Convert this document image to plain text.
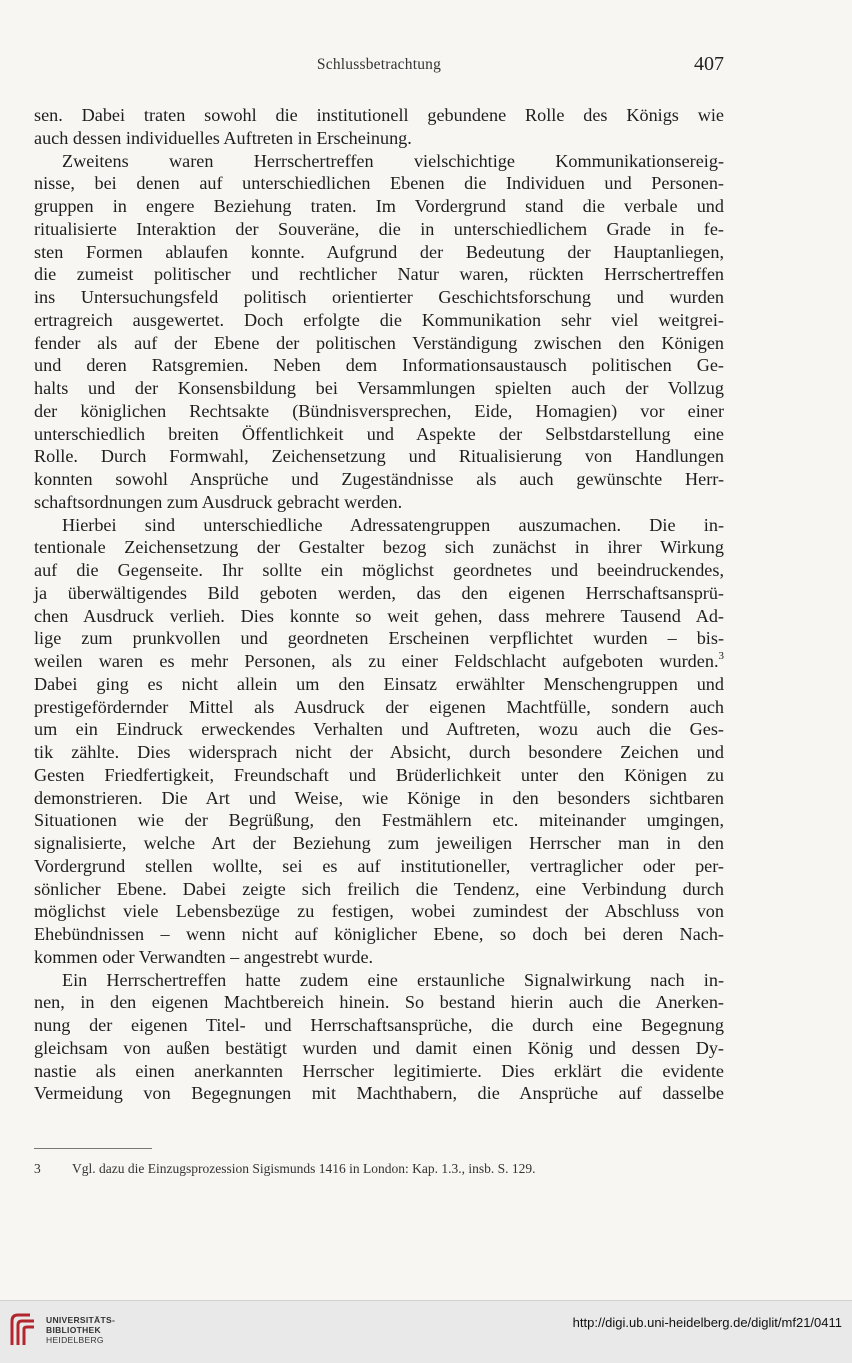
Schlussbetrachtung	407
sen. Dabei traten sowohl die institutionell gebundene Rolle des Königs wie
auch dessen individuelles Auftreten in Erscheinung.
Zweitens waren Herrschertreffen vielschichtige Kommunikationsereig-
nisse, bei denen auf unterschiedlichen Ebenen die Individuen und Personen-
gruppen in engere Beziehung traten. Im Vordergrund stand die verbale und
ritualisierte Interaktion der Souveräne, die in unterschiedlichem Grade in fe-
sten Formen ablaufen konnte. Aufgrund der Bedeutung der Hauptanliegen,
die zumeist politischer und rechtlicher Natur waren, rückten Herrschertreffen
ins Untersuchungsfeld politisch orientierter Geschichtsforschung und wurden
ertragreich ausgewertet. Doch erfolgte die Kommunikation sehr viel weitgrei-
fender als auf der Ebene der politischen Verständigung zwischen den Königen
und deren Ratsgremien. Neben dem Informationsaustausch politischen Ge-
halts und der Konsensbildung bei Versammlungen spielten auch der Vollzug
der königlichen Rechtsakte (Bündnisversprechen, Eide, Homagien) vor einer
unterschiedlich breiten Öffentlichkeit und Aspekte der Selbstdarstellung eine
Rolle. Durch Formwahl, Zeichensetzung und Ritualisierung von Handlungen
konnten sowohl Ansprüche und Zugeständnisse als auch gewünschte Herr-
schaftsordnungen zum Ausdruck gebracht werden.
Hierbei sind unterschiedliche Adressatengruppen auszumachen. Die in-
tentionale Zeichensetzung der Gestalter bezog sich zunächst in ihrer Wirkung
auf die Gegenseite. Ihr sollte ein möglichst geordnetes und beeindruckendes,
ja überwältigendes Bild geboten werden, das den eigenen Herrschaftsansprü-
chen Ausdruck verlieh. Dies konnte so weit gehen, dass mehrere Tausend Ad-
lige zum prunkvollen und geordneten Erscheinen verpflichtet wurden – bis-
weilen waren es mehr Personen, als zu einer Feldschlacht aufgeboten wurden.$^3$
Dabei ging es nicht allein um den Einsatz erwählter Menschengruppen und
prestigefördernder Mittel als Ausdruck der eigenen Machtfülle, sondern auch
um ein Eindruck erweckendes Verhalten und Auftreten, wozu auch die Ges-
tik zählte. Dies widersprach nicht der Absicht, durch besondere Zeichen und
Gesten Friedfertigkeit, Freundschaft und Brüderlichkeit unter den Königen zu
demonstrieren. Die Art und Weise, wie Könige in den besonders sichtbaren
Situationen wie der Begrüßung, den Festmählern etc. miteinander umgingen,
signalisierte, welche Art der Beziehung zum jeweiligen Herrscher man in den
Vordergrund stellen wollte, sei es auf institutioneller, vertraglicher oder per-
sönlicher Ebene. Dabei zeigte sich freilich die Tendenz, eine Verbindung durch
möglichst viele Lebensbezüge zu festigen, wobei zumindest der Abschluss von
Ehebündnissen – wenn nicht auf königlicher Ebene, so doch bei deren Nach-
kommen oder Verwandten – angestrebt wurde.
Ein Herrschertreffen hatte zudem eine erstaunliche Signalwirkung nach in-
nen, in den eigenen Machtbereich hinein. So bestand hierin auch die Anerken-
nung der eigenen Titel- und Herrschaftsansprüche, die durch eine Begegnung
gleichsam von außen bestätigt wurden und damit einen König und dessen Dy-
nastie als einen anerkannten Herrscher legitimierte. Dies erklärt die evidente
Vermeidung von Begegnungen mit Machthabern, die Ansprüche auf dasselbe
3 Vgl. dazu die Einzugsprozession Sigismunds 1416 in London: Kap. 1.3., insb. S. 129.
UNIVERSITÄTS-
BIBLIOTHEK
HEIDELBERG
http://digi.ub.uni-heidelberg.de/diglit/mf21/0411
